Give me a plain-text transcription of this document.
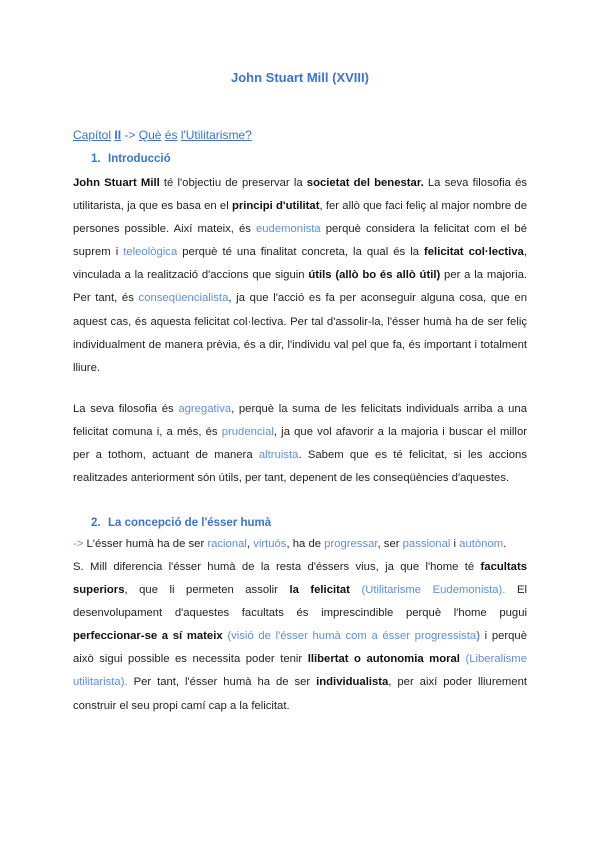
John Stuart Mill (XVIII)

Capítol II -> Què és l'Utilitarisme?

1. Introducció

John Stuart Mill té l'objectiu de preservar la societat del benestar. La seva filosofia és utilitarista, ja que es basa en el principi d'utilitat, fer allò que faci feliç al major nombre de persones possible. Així mateix, és eudemonista perquè considera la felicitat com el bé suprem i teleològica perquè té una finalitat concreta, la qual és la felicitat col·lectiva, vinculada a la realització d'accions que siguin útils (allò bo és allò útil) per a la majoria. Per tant, és conseqüencialista, ja que l'acció es fa per aconseguir alguna cosa, que en aquest cas, és aquesta felicitat col·lectiva. Per tal d'assolir-la, l'ésser humà ha de ser feliç individualment de manera prèvia, és a dir, l'individu val pel que fa, és important i totalment lliure.

La seva filosofia és agregativa, perquè la suma de les felicitats individuals arriba a una felicitat comuna i, a més, és prudencial, ja que vol afavorir a la majoria i buscar el millor per a tothom, actuant de manera altruista. Sabem que es té felicitat, si les accions realitzades anteriorment són útils, per tant, depenent de les conseqüències d'aquestes.

2. La concepció de l'ésser humà

-> L'ésser humà ha de ser racional, virtuós, ha de progressar, ser passional i autònom.

S. Mill diferencia l'ésser humà de la resta d'éssers vius, ja que l'home té facultats superiors, que li permeten assolir la felicitat (Utilitarisme Eudemonista). El desenvolupament d'aquestes facultats és imprescindible perquè l'home pugui perfeccionar-se a sí mateix (visió de l'ésser humà com a ésser progressista) i perquè això sigui possible es necessita poder tenir llibertat o autonomia moral (Liberalisme utilitarista). Per tant, l'ésser humà ha de ser individualista, per així poder lliurement construir el seu propi camí cap a la felicitat.
